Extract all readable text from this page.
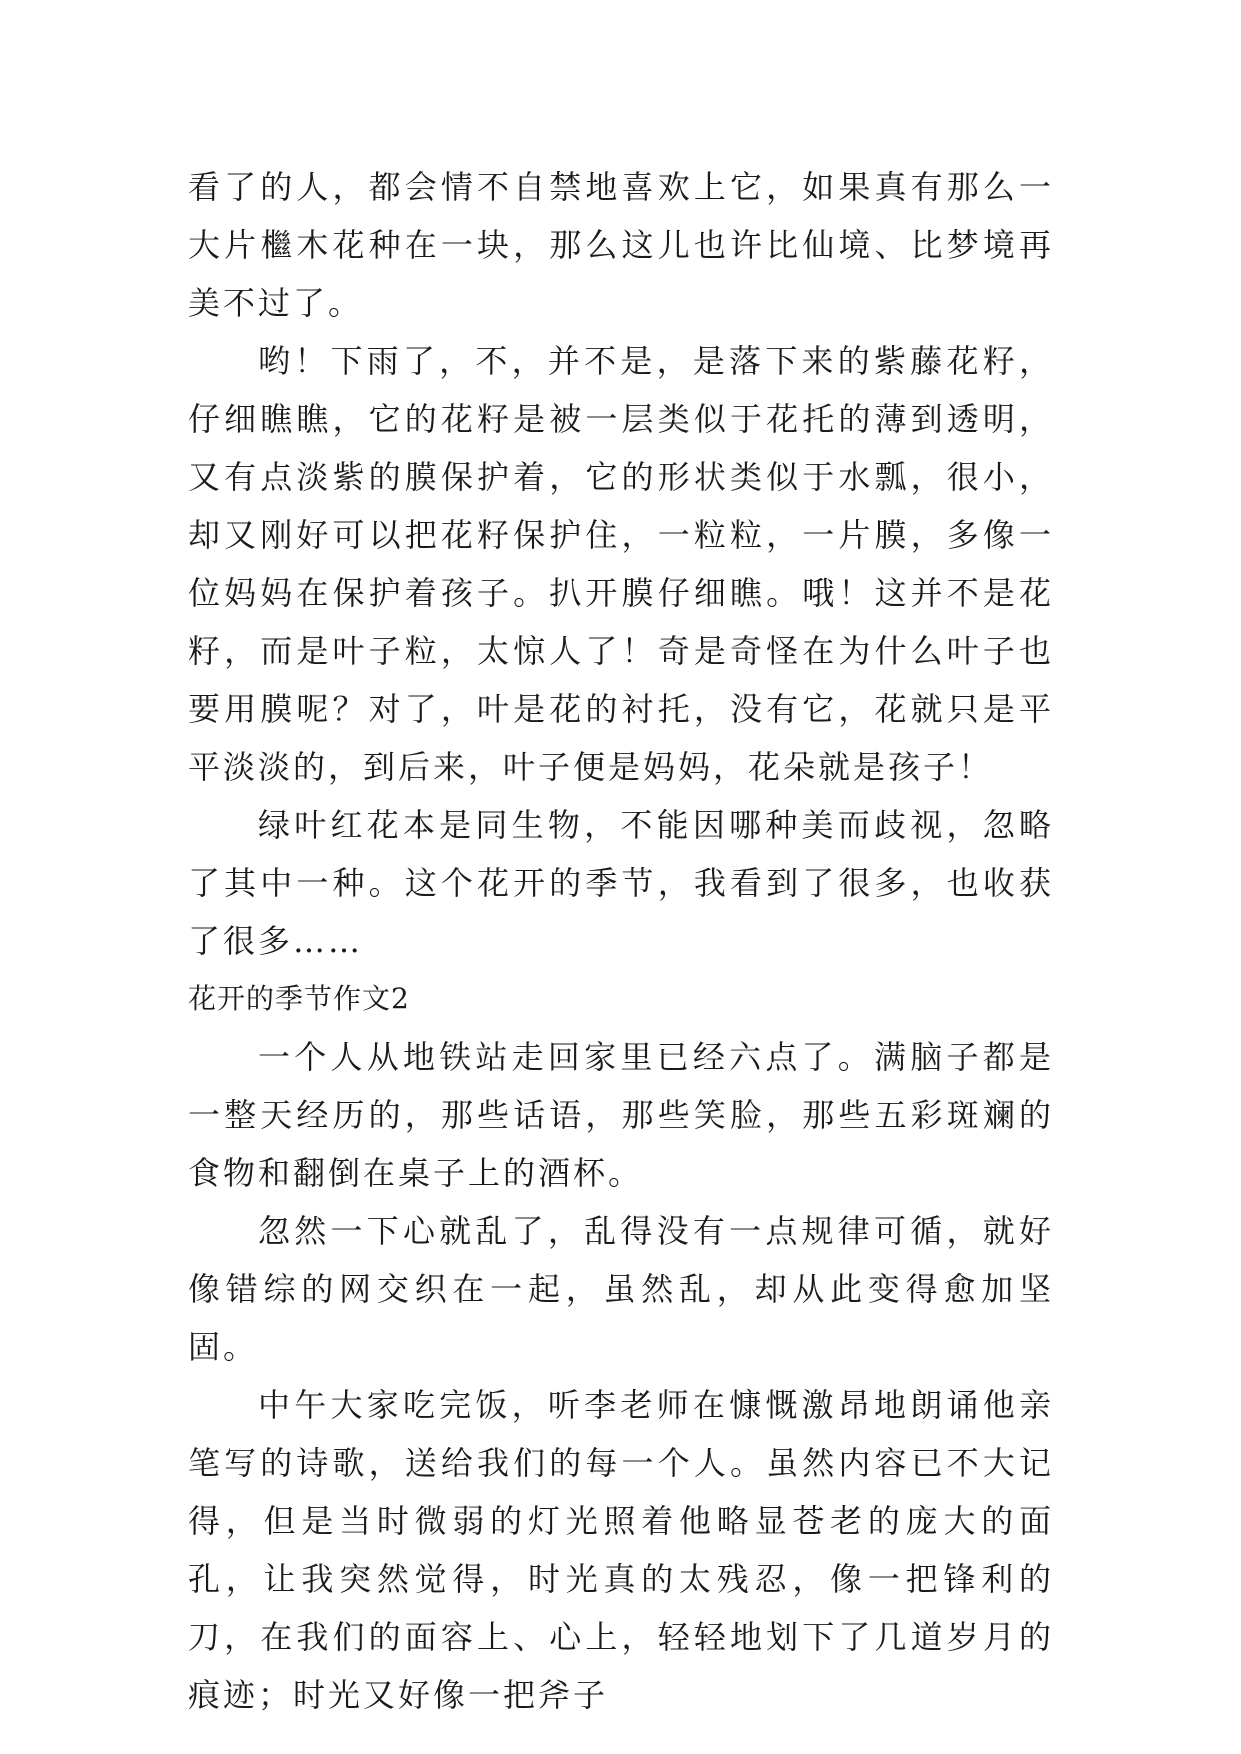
看了的人，都会情不自禁地喜欢上它，如果真有那么一大片檵木花种在一块，那么这儿也许比仙境、比梦境再美不过了。

哟！下雨了，不，并不是，是落下来的紫藤花籽，仔细瞧瞧，它的花籽是被一层类似于花托的薄到透明，又有点淡紫的膜保护着，它的形状类似于水瓢，很小，却又刚好可以把花籽保护住，一粒粒，一片膜，多像一位妈妈在保护着孩子。扒开膜仔细瞧。哦！这并不是花籽，而是叶子粒，太惊人了！奇是奇怪在为什么叶子也要用膜呢？对了，叶是花的衬托，没有它，花就只是平平淡淡的，到后来，叶子便是妈妈，花朵就是孩子！

绿叶红花本是同生物，不能因哪种美而歧视，忽略了其中一种。这个花开的季节，我看到了很多，也收获了很多……

花开的季节作文2

一个人从地铁站走回家里已经六点了。满脑子都是一整天经历的，那些话语，那些笑脸，那些五彩斑斓的食物和翻倒在桌子上的酒杯。

忽然一下心就乱了，乱得没有一点规律可循，就好像错综的网交织在一起，虽然乱，却从此变得愈加坚固。

中午大家吃完饭，听李老师在慷慨激昂地朗诵他亲笔写的诗歌，送给我们的每一个人。虽然内容已不大记得，但是当时微弱的灯光照着他略显苍老的庞大的面孔，让我突然觉得，时光真的太残忍，像一把锋利的刀，在我们的面容上、心上，轻轻地划下了几道岁月的痕迹；时光又好像一把斧子
